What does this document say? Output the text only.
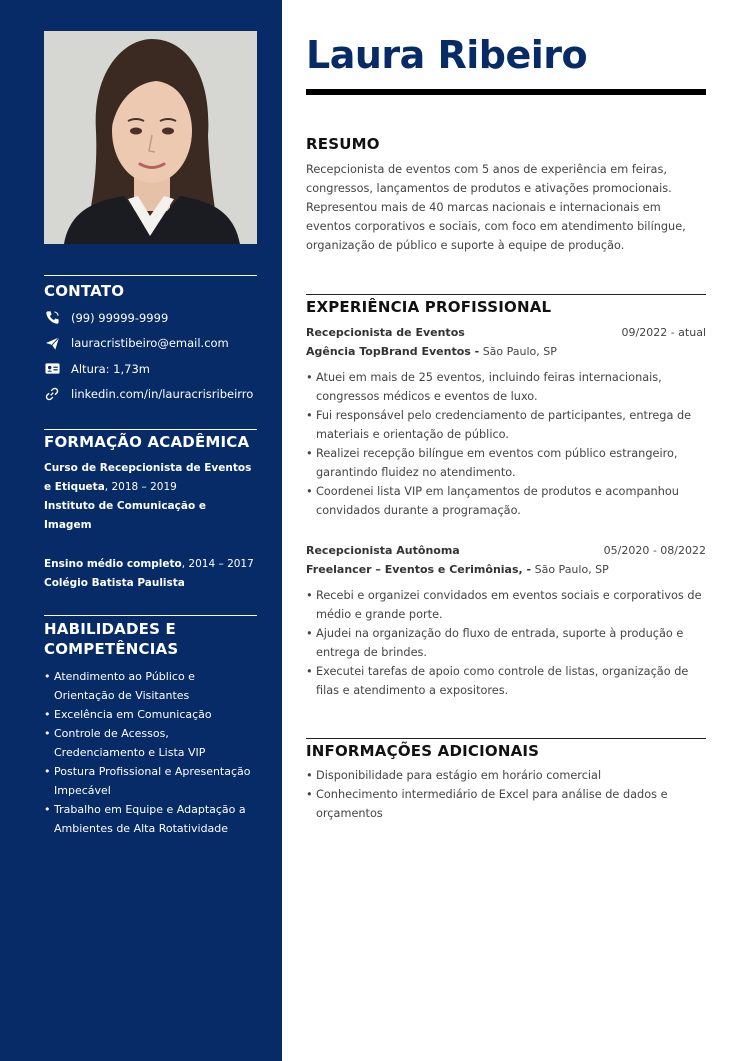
CONTATO
(99) 99999-9999
lauracristibeiro@email.com
Altura: 1,73m
linkedin.com/in/lauracrisribeirro
FORMAÇÃO ACADÊMICA
Curso de Recepcionista de Eventos e Etiqueta, 2018 – 2019
Instituto de Comunicação e Imagem
Ensino médio completo, 2014 – 2017
Colégio Batista Paulista
HABILIDADES E COMPETÊNCIAS
• Atendimento ao Público e Orientação de Visitantes
• Excelência em Comunicação
• Controle de Acessos, Credenciamento e Lista VIP
• Postura Profissional e Apresentação Impecável
• Trabalho em Equipe e Adaptação a Ambientes de Alta Rotatividade
Laura Ribeiro
RESUMO
Recepcionista de eventos com 5 anos de experiência em feiras, congressos, lançamentos de produtos e ativações promocionais. Representou mais de 40 marcas nacionais e internacionais em eventos corporativos e sociais, com foco em atendimento bilíngue, organização de público e suporte à equipe de produção.
EXPERIÊNCIA PROFISSIONAL
Recepcionista de Eventos	09/2022 - atual
Agência TopBrand Eventos - São Paulo, SP
• Atuei em mais de 25 eventos, incluindo feiras internacionais, congressos médicos e eventos de luxo.
• Fui responsável pelo credenciamento de participantes, entrega de materiais e orientação de público.
• Realizei recepção bilíngue em eventos com público estrangeiro, garantindo fluidez no atendimento.
• Coordenei lista VIP em lançamentos de produtos e acompanhou convidados durante a programação.
Recepcionista Autônoma	05/2020 - 08/2022
Freelancer – Eventos e Cerimônias, - São Paulo, SP
• Recebi e organizei convidados em eventos sociais e corporativos de médio e grande porte.
• Ajudei na organização do fluxo de entrada, suporte à produção e entrega de brindes.
• Executei tarefas de apoio como controle de listas, organização de filas e atendimento a expositores.
INFORMAÇÕES ADICIONAIS
• Disponibilidade para estágio em horário comercial
• Conhecimento intermediário de Excel para análise de dados e orçamentos
